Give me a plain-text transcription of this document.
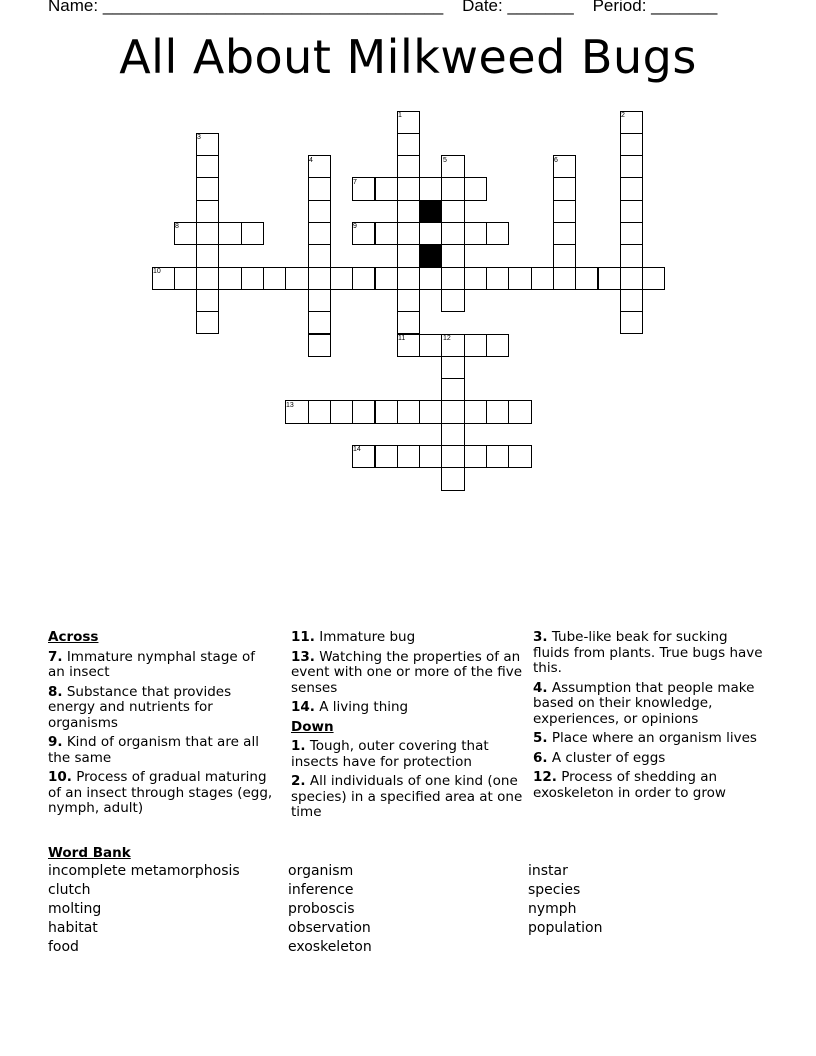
Name: ____________________________________ Date: _______ Period: _______
All About Milkweed Bugs
1	2
3
4	5	6
7
8	9
10
11	12
13
14
Across
7. Immature nymphal stage of an insect
8. Substance that provides energy and nutrients for organisms
9. Kind of organism that are all the same
10. Process of gradual maturing of an insect through stages (egg, nymph, adult)
11. Immature bug
13. Watching the properties of an event with one or more of the five senses
14. A living thing
Down
1. Tough, outer covering that insects have for protection
2. All individuals of one kind (one species) in a specified area at one time
3. Tube-like beak for sucking fluids from plants. True bugs have this.
4. Assumption that people make based on their knowledge, experiences, or opinions
5. Place where an organism lives
6. A cluster of eggs
12. Process of shedding an exoskeleton in order to grow
Word Bank
incomplete metamorphosis
clutch
molting
habitat
food
organism
inference
proboscis
observation
exoskeleton
instar
species
nymph
population
